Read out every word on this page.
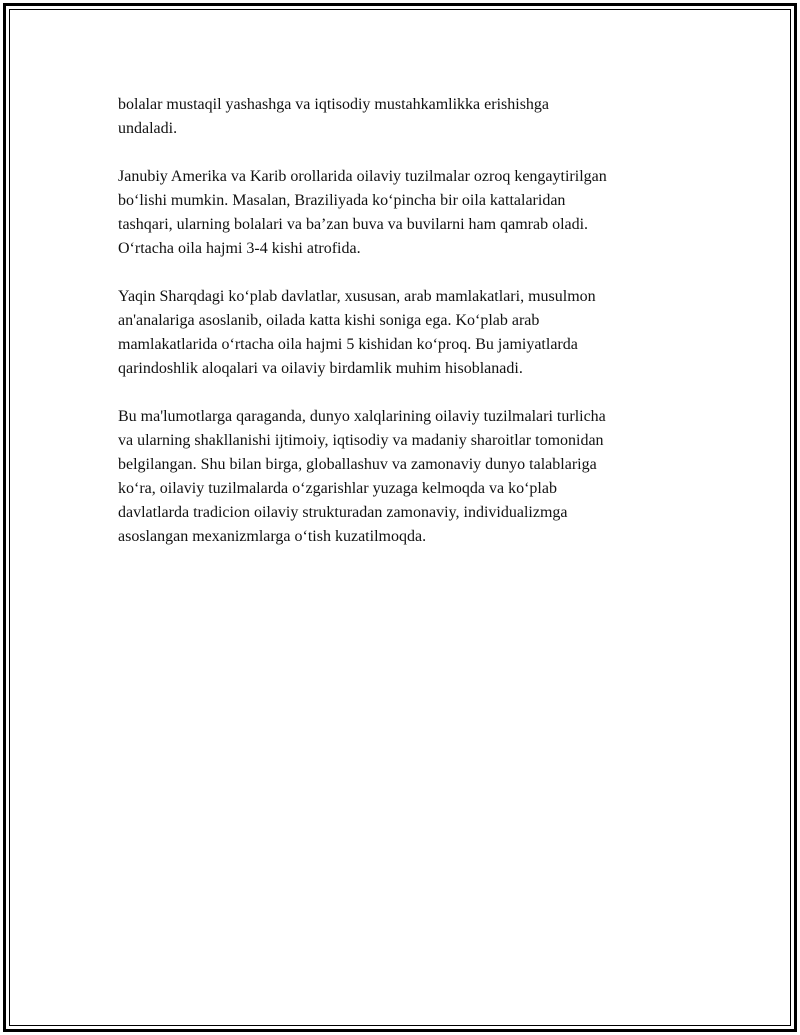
bolalar mustaqil yashashga va iqtisodiy mustahkamlikka erishishga
undaladi.

Janubiy Amerika va Karib orollarida oilaviy tuzilmalar ozroq kengaytirilgan
bo‘lishi mumkin. Masalan, Braziliyada ko‘pincha bir oila kattalaridan
tashqari, ularning bolalari va ba’zan buva va buvilarni ham qamrab oladi.
O‘rtacha oila hajmi 3-4 kishi atrofida.

Yaqin Sharqdagi ko‘plab davlatlar, xususan, arab mamlakatlari, musulmon
an'analariga asoslanib, oilada katta kishi soniga ega. Ko‘plab arab
mamlakatlarida o‘rtacha oila hajmi 5 kishidan ko‘proq. Bu jamiyatlarda
qarindoshlik aloqalari va oilaviy birdamlik muhim hisoblanadi.

Bu ma'lumotlarga qaraganda, dunyo xalqlarining oilaviy tuzilmalari turlicha
va ularning shakllanishi ijtimoiy, iqtisodiy va madaniy sharoitlar tomonidan
belgilangan. Shu bilan birga, globallashuv va zamonaviy dunyo talablariga
ko‘ra, oilaviy tuzilmalarda o‘zgarishlar yuzaga kelmoqda va ko‘plab
davlatlarda tradicion oilaviy strukturadan zamonaviy, individualizmga
asoslangan mexanizmlarga o‘tish kuzatilmoqda.
